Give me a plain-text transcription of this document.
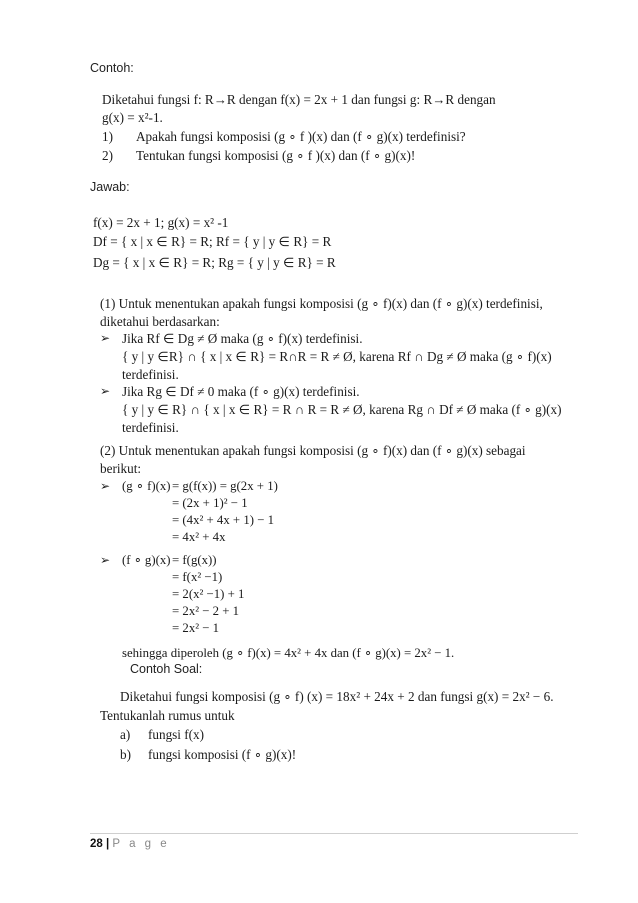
Contoh:
Diketahui fungsi f: R→R dengan f(x) = 2x + 1 dan fungsi g: R→R dengan
g(x) = x²-1.
1) Apakah fungsi komposisi (g ∘ f )(x) dan (f ∘ g)(x) terdefinisi?
2) Tentukan fungsi komposisi (g ∘ f )(x) dan (f ∘ g)(x)!
Jawab:
f(x) = 2x + 1; g(x) = x² -1
Df = { x | x ∈ R} = R; Rf = { y | y ∈ R} = R
Dg = { x | x ∈ R} = R; Rg = { y | y ∈ R} = R
(1) Untuk menentukan apakah fungsi komposisi (g ∘ f)(x) dan (f ∘ g)(x) terdefinisi,
diketahui berdasarkan:
➢ Jika Rf ∈ Dg ≠ Ø maka (g ∘ f)(x) terdefinisi.
{ y | y ∈R} ∩ { x | x ∈ R} = R∩R = R ≠ Ø, karena Rf ∩ Dg ≠ Ø maka (g ∘ f)(x)
terdefinisi.
➢ Jika Rg ∈ Df ≠ 0 maka (f ∘ g)(x) terdefinisi.
{ y | y ∈ R} ∩ { x | x ∈ R} = R ∩ R = R ≠ Ø, karena Rg ∩ Df ≠ Ø maka (f ∘ g)(x)
terdefinisi.
(2) Untuk menentukan apakah fungsi komposisi (g ∘ f)(x) dan (f ∘ g)(x) sebagai
berikut:
➢ (g ∘ f)(x) = g(f(x)) = g(2x + 1)
= (2x + 1)² − 1
= (4x² + 4x + 1) − 1
= 4x² + 4x
➢ (f ∘ g)(x) = f(g(x))
= f(x² −1)
= 2(x² −1) + 1
= 2x² − 2 + 1
= 2x² − 1
sehingga diperoleh (g ∘ f)(x) = 4x² + 4x dan (f ∘ g)(x) = 2x² − 1.
Contoh Soal:
Diketahui fungsi komposisi (g ∘ f) (x) = 18x² + 24x + 2 dan fungsi g(x) = 2x² − 6.
Tentukanlah rumus untuk
a) fungsi f(x)
b) fungsi komposisi (f ∘ g)(x)!
28 | P a g e
